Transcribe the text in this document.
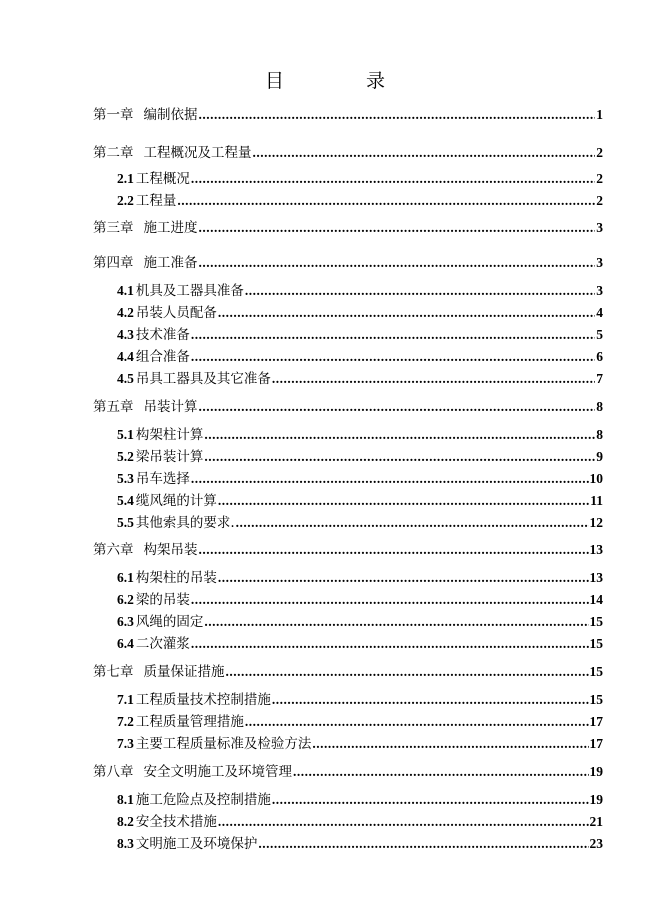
目 录
第一章 编制依据 .....	1
第二章 工程概况及工程量 .....	2
2.1 工程概况 .....	2
2.2 工程量 .....	2
第三章 施工进度 .....	3
第四章 施工准备 .....	3
4.1 机具及工器具准备 .....	3
4.2 吊装人员配备 .....	4
4.3 技术准备 .....	5
4.4 组合准备 .....	6
4.5 吊具工器具及其它准备 .....	7
第五章 吊装计算 .....	8
5.1 构架柱计算 .....	8
5.2 梁吊装计算 .....	9
5.3 吊车选择 .....	10
5.4 缆风绳的计算 .....	11
5.5 其他索具的要求. .....	12
第六章 构架吊装 .....	13
6.1 构架柱的吊装 .....	13
6.2 梁的吊装 .....	14
6.3 风绳的固定 .....	15
6.4 二次灌浆 .....	15
第七章 质量保证措施 .....	15
7.1 工程质量技术控制措施 .....	15
7.2 工程质量管理措施 .....	17
7.3 主要工程质量标准及检验方法 .....	17
第八章 安全文明施工及环境管理 .....	19
8.1 施工危险点及控制措施 .....	19
8.2 安全技术措施 .....	21
8.3 文明施工及环境保护 .....	23
